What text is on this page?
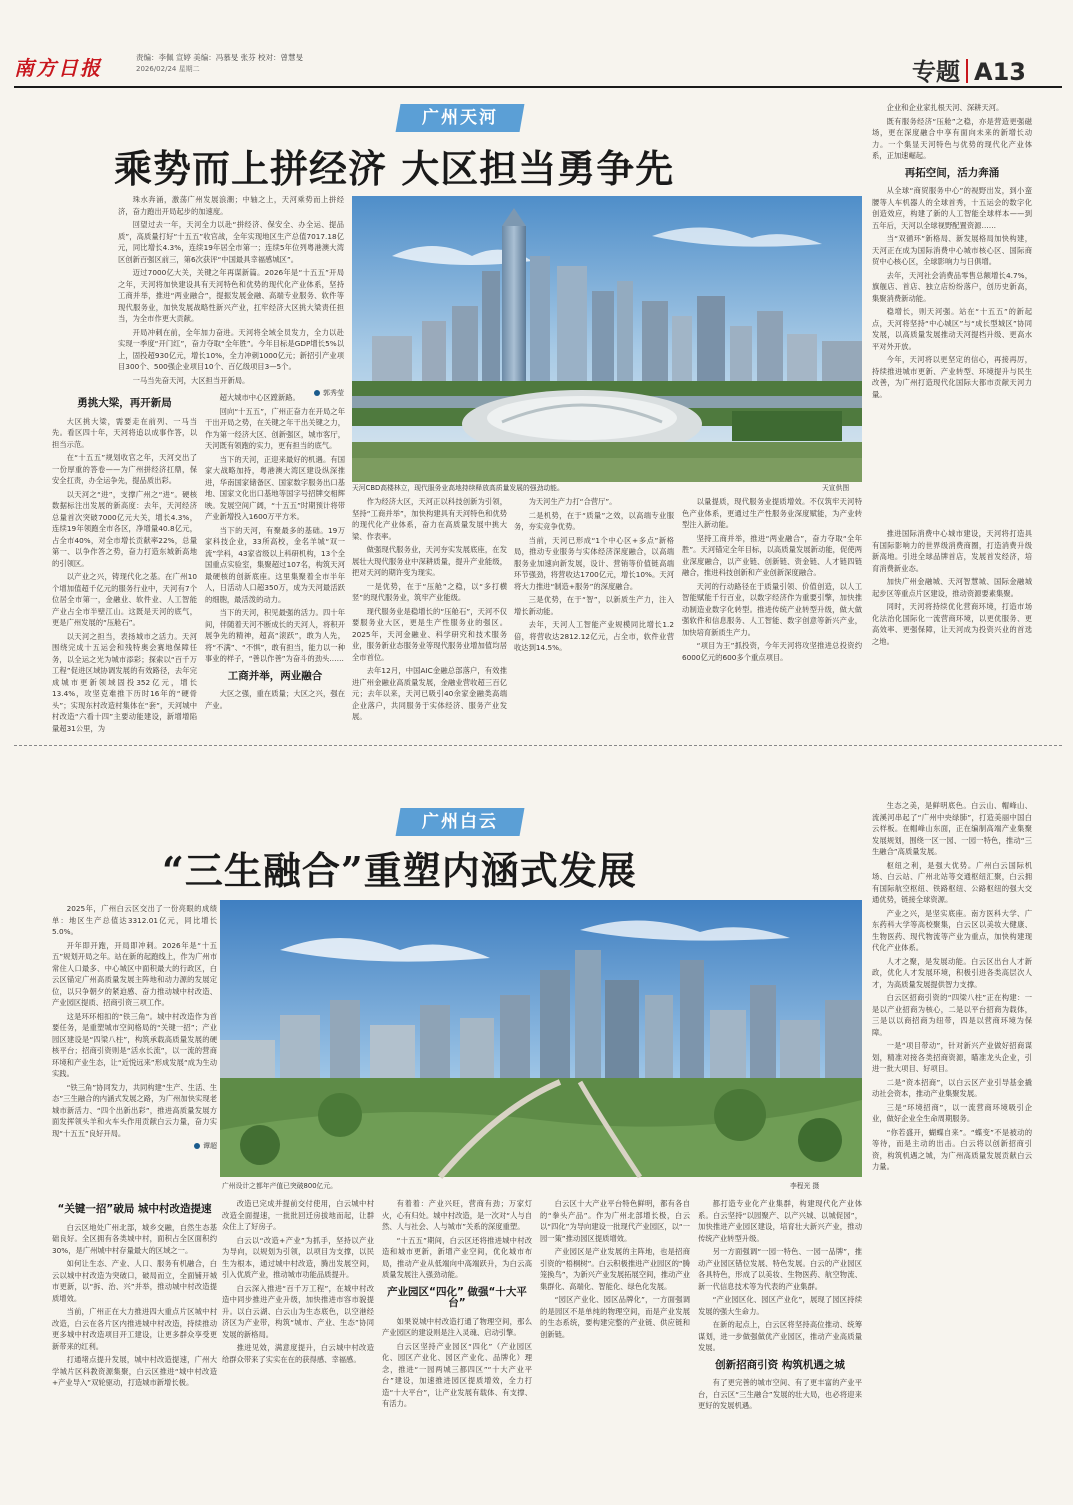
南方日报	责编：李佩 宣婷 美编：冯慕旻 张芬 校对：曾慧旻
2026/02/24 星期二	专题 A13
广州天河
乘势而上拼经济 大区担当勇争先

珠水奔涌，激荡广州发展浪潮；中轴之上，天河乘势而上拼经济，奋力跑出开局起步的加速度。

回望过去一年，天河全力以赴“拼经济、保安全、办全运、提品质”，高质量打好“十五五”收官战，全年实现地区生产总值7017.18亿元，同比增长4.3%，连续19年居全市第一；连续5年位列粤港澳大湾区创新百强区前三，第6次获评“中国最具幸福感城区”。

迈过7000亿大关，关键之年再谋新篇。2026年是“十五五”开局之年，天河将加快建设具有天河特色和优势的现代化产业体系，坚持工商并举，推进“两业融合”，提振发展金融、高端专业服务、软件等现代服务业，加快发展战略性新兴产业，扛牢经济大区挑大梁责任担当，为全市作更大贡献。

开局冲刺在前，全年加力奋进。天河将全域全员发力，全力以赴实现一季度“开门红”，奋力夺取“全年胜”。今年目标是GDP增长5%以上，固投超930亿元，增长10%，全力冲刺1000亿元；新招引产业项目300个、500强企业项目10个、百亿级项目3—5个。

一马当先奋天河，大区担当开新局。

郭秀莹
天河CBD高楼林立，现代服务业高地持续释放高质量发展的强劲动能。	天宣供图
勇挑大梁，再开新局

大区挑大梁，需要走在前列、一马当先。看区四十年，天河将追以成事作答，以担当示范。

在“十五五”规划收官之年，天河交出了一份厚重的答卷——为广州拼经济扛鼎，保安全扛责，办全运争先，提品质出彩。

以天河之“进”，支撑广州之“进”。硬核数据标注出发展的新高度：去年，天河经济总量首次突破7000亿元大关，增长4.3%，连续19年领跑全市各区，净增量40.8亿元，占全市40%，对全市增长贡献率22%，总量第一、以争作答之势，奋力打造东城新高地的引领区。

以产业之兴，铸现代化之基。在广州10个增加值超千亿元的服务行业中，天河有7个位居全市第一，金融业、软件业、人工智能产业占全市半壁江山。这既是天河的底气，更是广州发展的“压舱石”。

以天河之担当，表扬城市之活力。天河围绕完成十五运会和残特奥会赛地保障任务，以全运之光为城市添彩；探索以“百千万工程”促进区域协调发展的有效路径，去年完成城市更新领域固投352亿元，增长13.4%，攻坚克难推下历时16年的“硬骨头”；实现东村改造村集体在“套”，天河城中村改造“六看十四”主要动能建设，新增增陷量超31公里，为

超大城市中心区蹚新路。

回向“十五五”，广州正奋力在开局之年干出开局之势，在关键之年干出关键之力，作为第一经济大区、创新强区，城市客厅，天河既有领跑的实力，更有担当的底气。

当下的天河，正迎来最好的机遇。有国家大战略加持，粤港澳大湾区建设纵深推进，华南国家储备区、国家数字服务出口基地、国家文化出口基地等国字号招牌交相辉映。发展空间广阔，“十五五”时期预计将带产业新增投入1600万平方米。

当下的天河，有聚最多的基础。19万家科技企业，33所高校，金名羊城“双一流”学科，43家省级以上科研机构，13个全国重点实验室，集聚超过107名，构筑天河最硬核的创新底座。这里集聚着全市半年人，日活动人口超350万，成为天河最活跃的细胞，最活泼的动力。

当下的天河，积见最强的活力。四十年间，伴随着天河不断成长的天河人，将积开展争先的精神，超高“滚跃”，敢为人先，将“不满”、“不惧”，敢有担当，能力以一种事业的样子，“善以作善”为奋斗的劲头……

工商并举，两业融合

大区之强，重在质量；大区之兴，强在产业。

作为经济大区，天河正以科技创新为引领，坚持“工商并举”，加快构建具有天河特色和优势的现代化产业体系，奋力在高质量发展中挑大梁、作表率。

做强现代服务业，天河夯实发展底座，在发展壮大现代服务业中深耕质量，提升产业能级，把对天河的期许变为现实。

一是优势，在于“压舱”之稳，以“多打横竖”的现代服务业，筑牢产业能级。

现代服务业是稳增长的“压舱石”，天河不仅要服务业大区，更是生产性服务业的强区。2025年，天河金融业、科学研究和技术服务业，服务新业态服务业等现代服务业增加值均居全市首位。

去年12月，中国AIC金融总部落户，有效推进广州金融业高质量发展，金融业营收超三百亿元；去年以来，天河已吸引40余家金融类高端企业落户，共同服务于实体经济、服务产业发展。

为天河生产力打“合营厅”。

二是机势，在于“质量”之效，以高端专业服务，夯实竞争优势。

当前，天河已形成“1个中心区+多点”新格局，推动专业服务与实体经济深度融合，以高端服务业加速向新发展，设计、营销等价值链高端环节强劲，将营收达1700亿元，增长10%。天河将大力推进“制造+服务”的深度融合。

三是优势，在于“智”，以新质生产力，注入增长新动能。

去年，天河人工智能产业规模同比增长1.2倍，将营收达2812.12亿元，占全市，软件业营收达到14.5%。

以量提质，现代服务业提质增效。不仅筑牢天河特色产业体系，更通过生产性服务业深度赋能，为产业转型注入新动能。

坚持工商并举，推进“两业融合”，奋力夺取“全年胜”。天河锚定全年目标，以高质量发展新动能，促使两业深度融合，以产业链、创新链、资金链、人才链四链融合，推进科技创新和产业创新深度融合。

天河的行动路径在于质量引领、价值创造，以人工智能赋能千行百业，以数字经济作为重要引擎，加快推动制造业数字化转型。推进传统产业转型升级，做大做强软件和信息服务、人工智能、数字创意等新兴产业，加快培育新质生产力。

“项目为王”抓投资，今年天河将攻坚推进总投资约6000亿元的600多个重点项目。

企业和企业家扎根天河、深耕天河。

既有服务经济“压舱”之稳，亦是营造更强磁场，更在深度融合中享有面向未来的新增长动力。一个集显天河特色与优势的现代化产业体系，正加速崛起。

再拓空间，活力奔涌

从全球“商贸服务中心”的视野出发，到小蛮腰等人车机器人的全球首秀，十五运会的数字化创造效应，构建了新的人工智能全球样本——到五年后，天河以全球视野配置资源……

当“双循环”新格局、新发展格局加快构建，天河正在成为国际消费中心城市核心区、国际商贸中心核心区，全球影响力与日俱增。

去年，天河社会消费品零售总额增长4.7%，旗舰店、首店、独立店纷纷落户，创历史新高，集聚消费新动能。

稳增长，则天河强。站在“十五五”的新起点，天河将坚持“中心城区”与“成长型城区”协同发展，以高质量发展推动天河提档升级、更高水平对外开放。

今年，天河将以更坚定的信心，再接再厉，持续推进城市更新、产业转型、环境提升与民生改善，为广州打造现代化国际大都市贡献天河力量。

推进国际消费中心城市建设，天河将打造具有国际影响力的世界级消费商圈，打造消费升级新高地。引进全球品牌首店，发展首发经济，培育消费新业态。

加快广州金融城、天河智慧城、国际金融城起步区等重点片区建设，推动资源要素集聚。

同时，天河将持续优化营商环境，打造市场化法治化国际化一流营商环境，以更优服务、更高效率、更强保障，让天河成为投资兴业的首选之地。

广州白云
“三生融合”重塑内涵式发展

2025年，广州白云区交出了一份亮眼的成绩单：地区生产总值达3312.01亿元，同比增长5.0%。

开年即开跑，开局即冲刺。2026年是“十五五”规划开局之年。站在新的起跑线上，作为广州市常住人口最多、中心城区中面积最大的行政区，白云区锚定广州高质量发展主阵地和动力源的发展定位，以只争朝夕的紧迫感、奋力推动城中村改造、产业园区提质、招商引资三项工作。

这是环环相扣的“铁三角”。城中村改造作为首要任务，是重塑城市空间格局的“关键一招”；产业园区建设是“四梁八柱”，构筑承载高质量发展的硬核平台；招商引资则是“活水长流”，以一流的营商环境和产业生态，让“近悦远来”形成发展“成为生动实践。

“铁三角”协同发力，共同构建“生产、生活、生态”三生融合的内涵式发展之路，为广州加快实现老城市新活力、“四个出新出彩”，推进高质量发展方面发挥领头羊和火车头作用贡献白云力量，奋力实现“十五五”良好开局。

谭超
广州设计之都年产值已突破800亿元。	李程光 摄
“关键一招”破局 城中村改造提速

白云区地处广州北部，城乡交融，自然生态基础良好。全区拥有各类城中村，面积占全区面积约30%，是广州城中村存量最大的区域之一。

如何让生态、产业、人口、服务有机融合，白云以城中村改造为突破口，破局而立，全面铺开城市更新，以“拆、治、兴”并举，推动城中村改造提质增效。

当前，广州正在大力推进四大重点片区城中村改造，白云在各片区内推进城中村改造，持续推动更多城中村改造项目开工建设，让更多群众享受更新带来的红利。

打通堵点提升发展，城中村改造提速，广州大学城片区科教资源集聚，白云区推进“城中村改造+产业导入”双轮驱动，打造城市新增长极。

改造已完成并提前交付使用，白云城中村改造全面提速，一批批回迁房拔地而起，让群众住上了好房子。

白云以“改造+产业”为抓手，坚持以产业为导向，以规划为引领，以项目为支撑，以民生为根本，通过城中村改造，腾出发展空间，引入优质产业，推动城市功能品质提升。

白云深入推进“百千万工程”，在城中村改造中同步推进产业升级，加快推进市容市貌提升。以白云湖、白云山为生态底色，以空港经济区为产业带，构筑“城市、产业、生态”协同发展的新格局。

推进见效，满意度提升，白云城中村改造给群众带来了实实在在的获得感、幸福感。

有着着：产业兴旺，营商有劲；万家灯火，心有归处。城中村改造，是一次对“人与自然、人与社会、人与城市”关系的深度重塑。

“十五五”期间，白云区还将推进城中村改造和城市更新，新增产业空间，优化城市布局，推动产业从低端向中高端跃升，为白云高质量发展注入强劲动能。

产业园区“四化” 做强“十大平台”

如果说城中村改造打通了物理空间，那么产业园区的建设则是注入灵魂、启动引擎。

白云区坚持产业园区“四化”（产业园区化、园区产业化、园区产业化、品牌化）理念，推进“一园两城三都四区”“十大产业平台”建设，加速推进园区提质增效，全力打造“十大平台”，让产业发展有载体、有支撑、有活力。

白云区十大产业平台特色鲜明，都有各自的“拳头产品”。作为广州北部增长极，白云以“四化”为导向建设一批现代产业园区，以“一园一策”推动园区提质增效。

产业园区是产业发展的主阵地，也是招商引资的“梧桐树”。白云积极推进产业园区的“腾笼换鸟”，为新兴产业发展拓展空间，推动产业集群化、高端化、智能化、绿色化发展。

“园区产业化、园区品牌化”，一方面强调的是园区不是单纯的物理空间，而是产业发展的生态系统，要构建完整的产业链、供应链和创新链。

都打造专业化产业集群，构建现代化产业体系。白云坚持“以园聚产、以产兴城、以城促园”，加快推进产业园区建设，培育壮大新兴产业，推动传统产业转型升级。

另一方面强调“一园一特色、一园一品牌”，推动产业园区错位发展、特色发展。白云的产业园区各具特色，形成了以美妆、生物医药、航空物流、新一代信息技术等为代表的产业集群。

“产业园区化、园区产业化”，展现了园区持续发展的强大生命力。

在新的起点上，白云区将坚持高位推动、统筹谋划，进一步做强做优产业园区，推动产业高质量发展。

创新招商引资 构筑机遇之城

有了更完善的城市空间、有了更丰富的产业平台，白云区“三生融合”发展的壮大局，也必将迎来更好的发展机遇。

生态之美，是鲜明底色。白云山、帽峰山、流溪河串起了“广州中央绿肺”，打造美丽中国白云样板。在帽峰山东面，正在编制高端产业集聚发展规划，围绕一区一园、一园一特色，推动“三生融合”高质量发展。

枢纽之利，是强大优势。广州白云国际机场、白云站、广州北站等交通枢纽汇聚，白云拥有国际航空枢纽、铁路枢纽、公路枢纽的强大交通优势，链接全球资源。

产业之兴，是坚实底座。南方医科大学、广东药科大学等高校聚集，白云区以美妆大健康、生物医药、现代物流等产业为重点，加快构建现代化产业体系。

人才之聚，是发展动能。白云区出台人才新政，优化人才发展环境，积极引进各类高层次人才，为高质量发展提供智力支撑。

白云区招商引资的“四梁八柱”正在构建：一是以产业招商为核心，二是以平台招商为载体，三是以以商招商为纽带，四是以营商环境为保障。

一是“项目带动”，针对新兴产业做好招商谋划，精准对接各类招商资源，瞄准龙头企业，引进一批大项目、好项目。

二是“资本招商”，以白云区产业引导基金撬动社会资本，推动产业集聚发展。

三是“环境招商”，以一流营商环境吸引企业，做好企业全生命周期服务。

“你若盛开，蝴蝶自来”。“蝶变”不是被动的等待，而是主动的出击。白云将以创新招商引资，构筑机遇之城，为广州高质量发展贡献白云力量。
